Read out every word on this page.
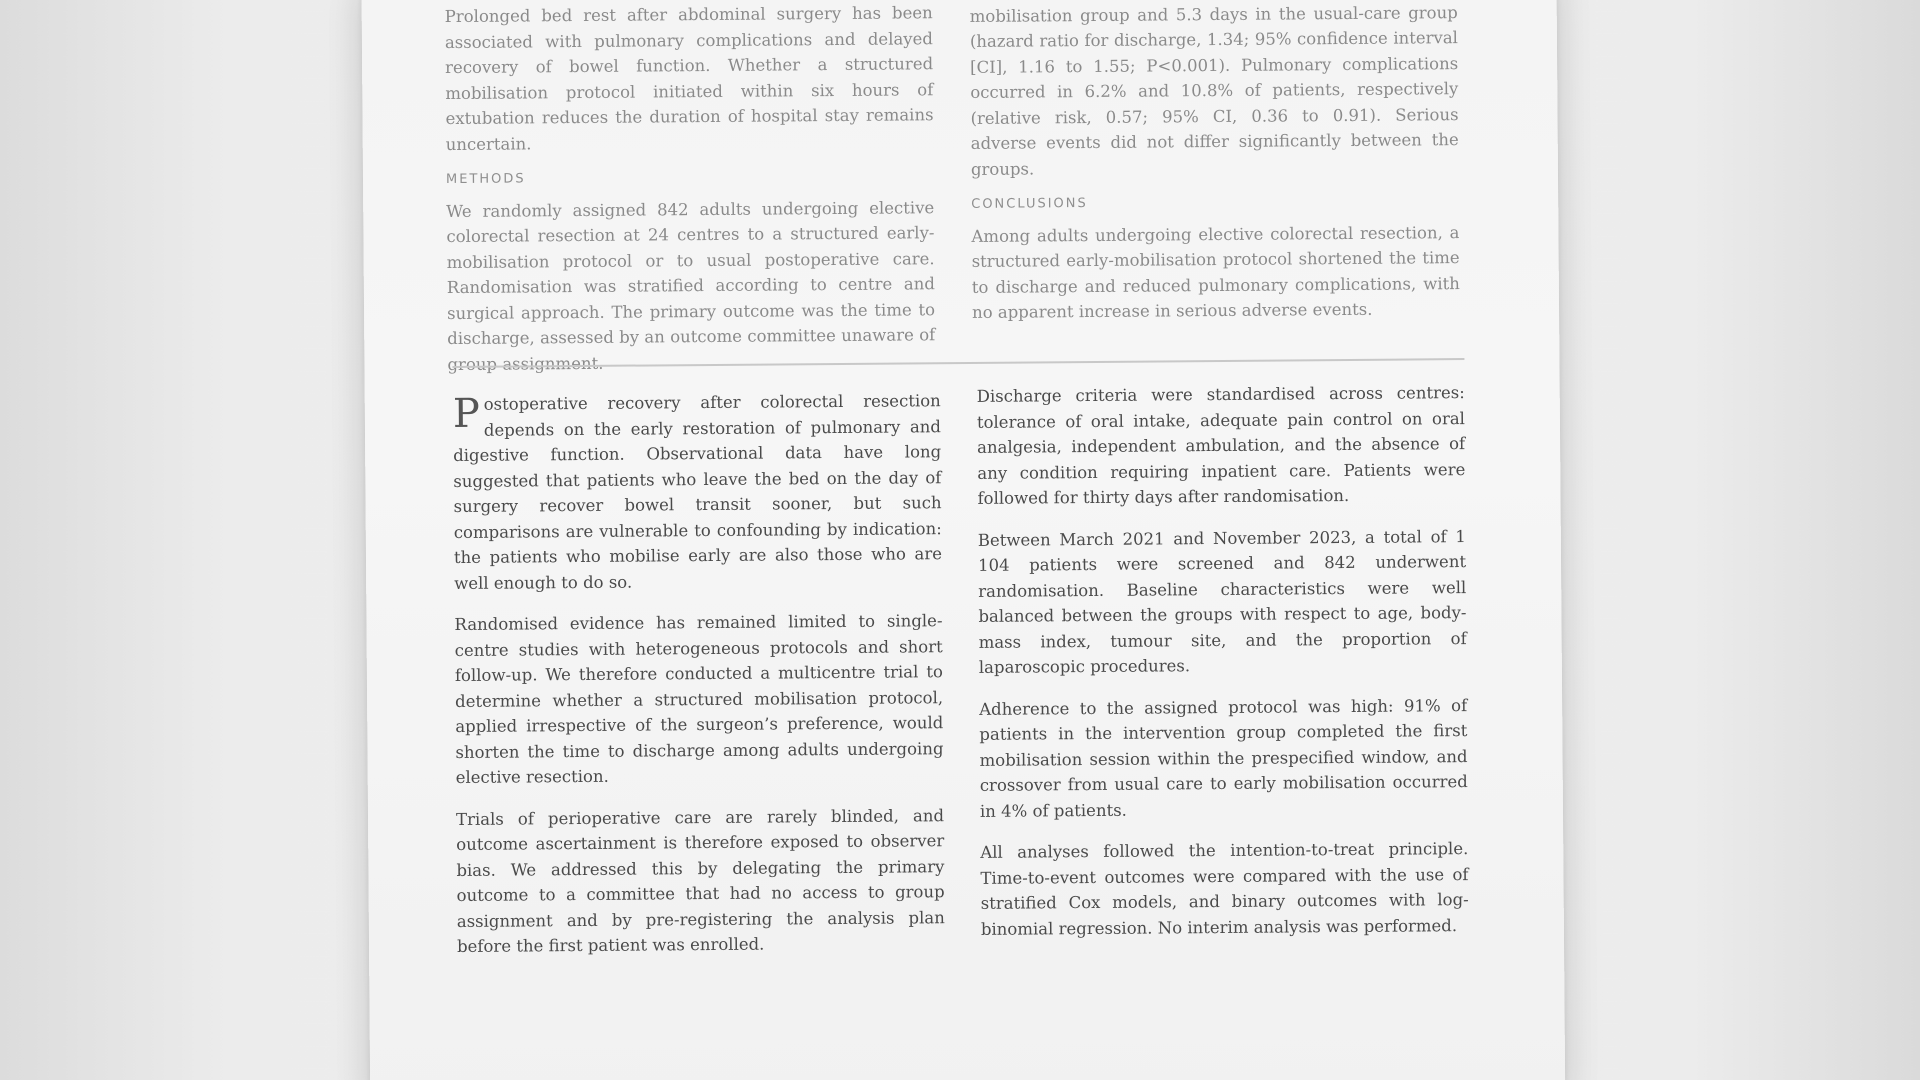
Prolonged bed rest after abdominal surgery has been associated with pulmonary complications and delayed recovery of bowel function. Whether a structured mobilisation protocol initiated within six hours of extubation reduces the duration of hospital stay remains uncertain.

METHODS

We randomly assigned 842 adults undergoing elective colorectal resection at 24 centres to a structured early-mobilisation protocol or to usual postoperative care. Randomisation was stratified according to centre and surgical approach. The primary outcome was the time to discharge, assessed by an outcome committee unaware of group assignment.

early-mobilisation group and 5.3 days in the usual-care group (hazard ratio for discharge, 1.34; 95% confidence interval [CI], 1.16 to 1.55; P<0.001). Pulmonary complications occurred in 6.2% and 10.8% of patients, respectively (relative risk, 0.57; 95% CI, 0.36 to 0.91). Serious adverse events did not differ significantly between the groups.

CONCLUSIONS

Among adults undergoing elective colorectal resection, a structured early-mobilisation protocol shortened the time to discharge and reduced pulmonary complications, with no apparent increase in serious adverse events.

Postoperative recovery after colorectal resection depends on the early restoration of pulmonary and digestive function. Observational data have long suggested that patients who leave the bed on the day of surgery recover bowel transit sooner, but such comparisons are vulnerable to confounding by indication: the patients who mobilise early are also those who are well enough to do so.

Randomised evidence has remained limited to single-centre studies with heterogeneous protocols and short follow-up. We therefore conducted a multicentre trial to determine whether a structured mobilisation protocol, applied irrespective of the surgeon’s preference, would shorten the time to discharge among adults undergoing elective resection.

Trials of perioperative care are rarely blinded, and outcome ascertainment is therefore exposed to observer bias. We addressed this by delegating the primary outcome to a committee that had no access to group assignment and by pre-registering the analysis plan before the first patient was enrolled.

Discharge criteria were standardised across centres: tolerance of oral intake, adequate pain control on oral analgesia, independent ambulation, and the absence of any condition requiring inpatient care. Patients were followed for thirty days after randomisation.

Between March 2021 and November 2023, a total of 1 104 patients were screened and 842 underwent randomisation. Baseline characteristics were well balanced between the groups with respect to age, body-mass index, tumour site, and the proportion of laparoscopic procedures.

Adherence to the assigned protocol was high: 91% of patients in the intervention group completed the first mobilisation session within the prespecified window, and crossover from usual care to early mobilisation occurred in 4% of patients.

All analyses followed the intention-to-treat principle. Time-to-event outcomes were compared with the use of stratified Cox models, and binary outcomes with log-binomial regression. No interim analysis was performed.
